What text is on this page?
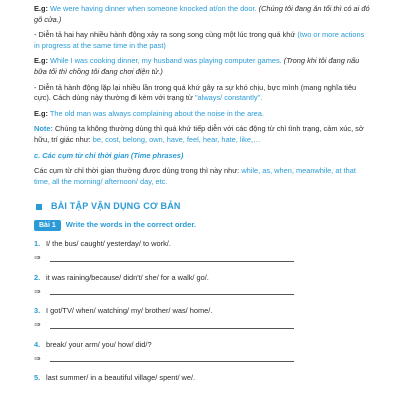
E.g: We were having dinner when someone knocked at/on the door. (Chúng tôi đang ăn tối thì có ai đó gõ cửa.)

- Diễn tả hai hay nhiều hành động xảy ra song song cùng một lúc trong quá khứ (two or more actions in progress at the same time in the past)

E.g: While I was cooking dinner, my husband was playing computer games. (Trong khi tôi đang nấu bữa tối thì chồng tôi đang chơi điện tử.)

- Diễn tả hành động lặp lại nhiều lần trong quá khứ gây ra sự khó chịu, bực mình (mang nghĩa tiêu cực). Cách dùng này thường đi kèm với trạng từ "always/ constantly".

E.g: The old man was always complaining about the noise in the area.

Note: Chúng ta không thường dùng thì quá khứ tiếp diễn với các động từ chỉ tình trạng, cảm xúc, sở hữu, trí giác như: be, cost, belong, own, have, feel, hear, hate, like,…

c. Các cụm từ chỉ thời gian (Time phrases)

Các cụm từ chỉ thời gian thường được dùng trong thì này như: while, as, when, meanwhile, at that time, all the morning/ afternoon/ day, etc.

BÀI TẬP VẬN DỤNG CƠ BẢN
Bài 1	Write the words in the correct order.
1. I/ the bus/ caught/ yesterday/ to work/.
⇒
2. it was raining/because/ didn't/ she/ for a walk/ go/.
⇒
3. I got/TV/ when/ watching/ my/ brother/ was/ home/.
⇒
4. break/ your arm/ you/ how/ did/?
⇒
5. last summer/ in a beautiful village/ spent/ we/.
